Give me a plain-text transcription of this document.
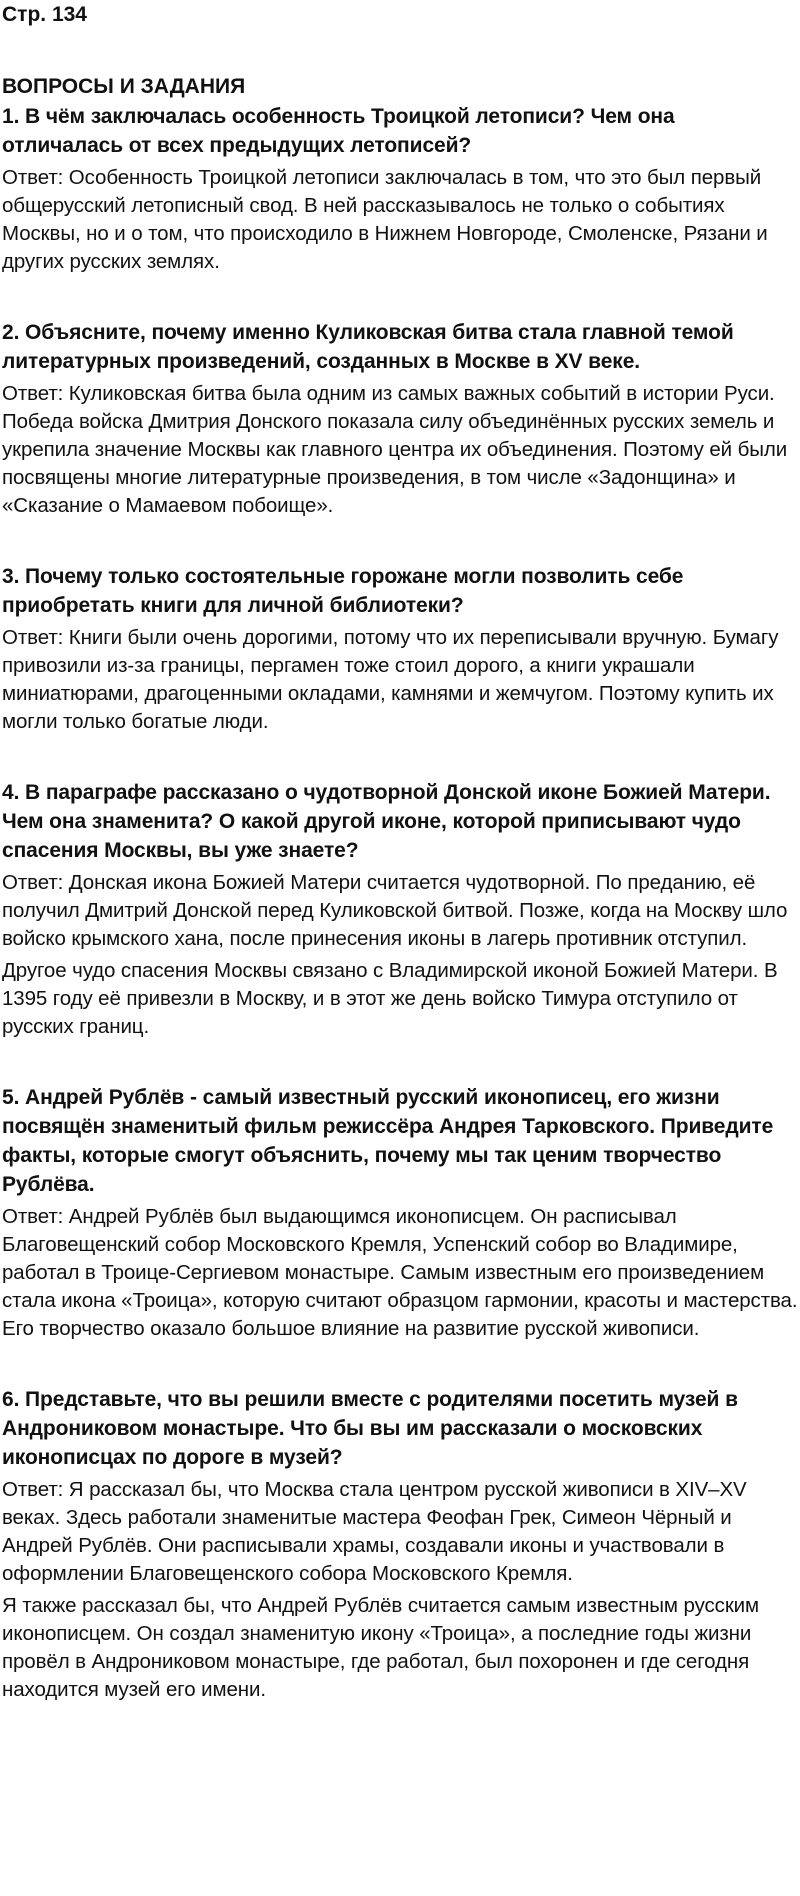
Стр. 134
ВОПРОСЫ И ЗАДАНИЯ

1. В чём заключалась особенность Троицкой летописи? Чем она отличалась от всех предыдущих летописей?

Ответ: Особенность Троицкой летописи заключалась в том, что это был первый общерусский летописный свод. В ней рассказывалось не только о событиях Москвы, но и о том, что происходило в Нижнем Новгороде, Смоленске, Рязани и других русских землях.

2. Объясните, почему именно Куликовская битва стала главной темой литературных произведений, созданных в Москве в XV веке.

Ответ: Куликовская битва была одним из самых важных событий в истории Руси. Победа войска Дмитрия Донского показала силу объединённых русских земель и укрепила значение Москвы как главного центра их объединения. Поэтому ей были посвящены многие литературные произведения, в том числе «Задонщина» и «Сказание о Мамаевом побоище».

3. Почему только состоятельные горожане могли позволить себе приобретать книги для личной библиотеки?

Ответ: Книги были очень дорогими, потому что их переписывали вручную. Бумагу привозили из-за границы, пергамен тоже стоил дорого, а книги украшали миниатюрами, драгоценными окладами, камнями и жемчугом. Поэтому купить их могли только богатые люди.

4. В параграфе рассказано о чудотворной Донской иконе Божией Матери. Чем она знаменита? О какой другой иконе, которой приписывают чудо спасения Москвы, вы уже знаете?

Ответ: Донская икона Божией Матери считается чудотворной. По преданию, её получил Дмитрий Донской перед Куликовской битвой. Позже, когда на Москву шло войско крымского хана, после принесения иконы в лагерь противник отступил.

Другое чудо спасения Москвы связано с Владимирской иконой Божией Матери. В 1395 году её привезли в Москву, и в этот же день войско Тимура отступило от русских границ.

5. Андрей Рублёв - самый известный русский иконописец, его жизни посвящён знаменитый фильм режиссёра Андрея Тарковского. Приведите факты, которые смогут объяснить, почему мы так ценим творчество Рублёва.

Ответ: Андрей Рублёв был выдающимся иконописцем. Он расписывал Благовещенский собор Московского Кремля, Успенский собор во Владимире, работал в Троице-Сергиевом монастыре. Самым известным его произведением стала икона «Троица», которую считают образцом гармонии, красоты и мастерства. Его творчество оказало большое влияние на развитие русской живописи.

6. Представьте, что вы решили вместе с родителями посетить музей в Андрониковом монастыре. Что бы вы им рассказали о московских иконописцах по дороге в музей?

Ответ: Я рассказал бы, что Москва стала центром русской живописи в XIV–XV веках. Здесь работали знаменитые мастера Феофан Грек, Симеон Чёрный и Андрей Рублёв. Они расписывали храмы, создавали иконы и участвовали в оформлении Благовещенского собора Московского Кремля.

Я также рассказал бы, что Андрей Рублёв считается самым известным русским иконописцем. Он создал знаменитую икону «Троица», а последние годы жизни провёл в Андрониковом монастыре, где работал, был похоронен и где сегодня находится музей его имени.
